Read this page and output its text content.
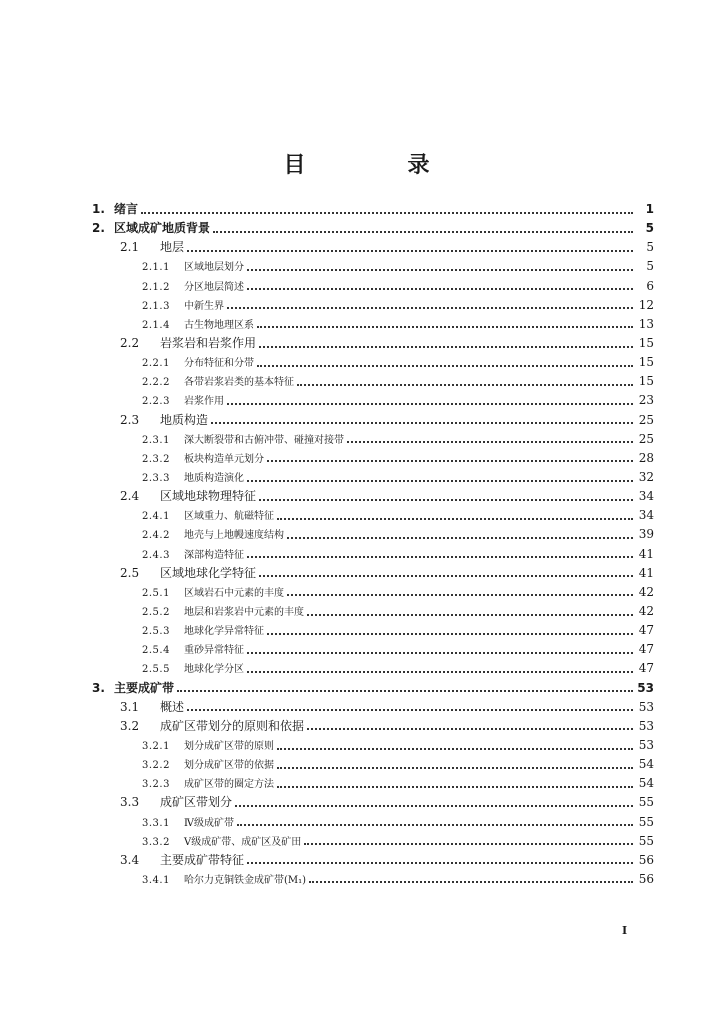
目　录
1. 绪言	1
2. 区域成矿地质背景	5
2.1	地层	5
2.1.1	区域地层划分	5
2.1.2	分区地层简述	6
2.1.3	中新生界	12
2.1.4	古生物地理区系	13
2.2	岩浆岩和岩浆作用	15
2.2.1	分布特征和分带	15
2.2.2	各带岩浆岩类的基本特征	15
2.2.3	岩浆作用	23
2.3	地质构造	25
2.3.1	深大断裂带和古俯冲带、碰撞对接带	25
2.3.2	板块构造单元划分	28
2.3.3	地质构造演化	32
2.4	区域地球物理特征	34
2.4.1	区域重力、航磁特征	34
2.4.2	地壳与上地幔速度结构	39
2.4.3	深部构造特征	41
2.5	区域地球化学特征	41
2.5.1	区域岩石中元素的丰度	42
2.5.2	地层和岩浆岩中元素的丰度	42
2.5.3	地球化学异常特征	47
2.5.4	重砂异常特征	47
2.5.5	地球化学分区	47
3. 主要成矿带	53
3.1	概述	53
3.2	成矿区带划分的原则和依据	53
3.2.1	划分成矿区带的原则	53
3.2.2	划分成矿区带的依据	54
3.2.3	成矿区带的圈定方法	54
3.3	成矿区带划分	55
3.3.1	Ⅳ级成矿带	55
3.3.2	Ⅴ级成矿带、成矿区及矿田	55
3.4	主要成矿带特征	56
3.4.1	哈尔力克铜铁金成矿带(M₁)	56
I
